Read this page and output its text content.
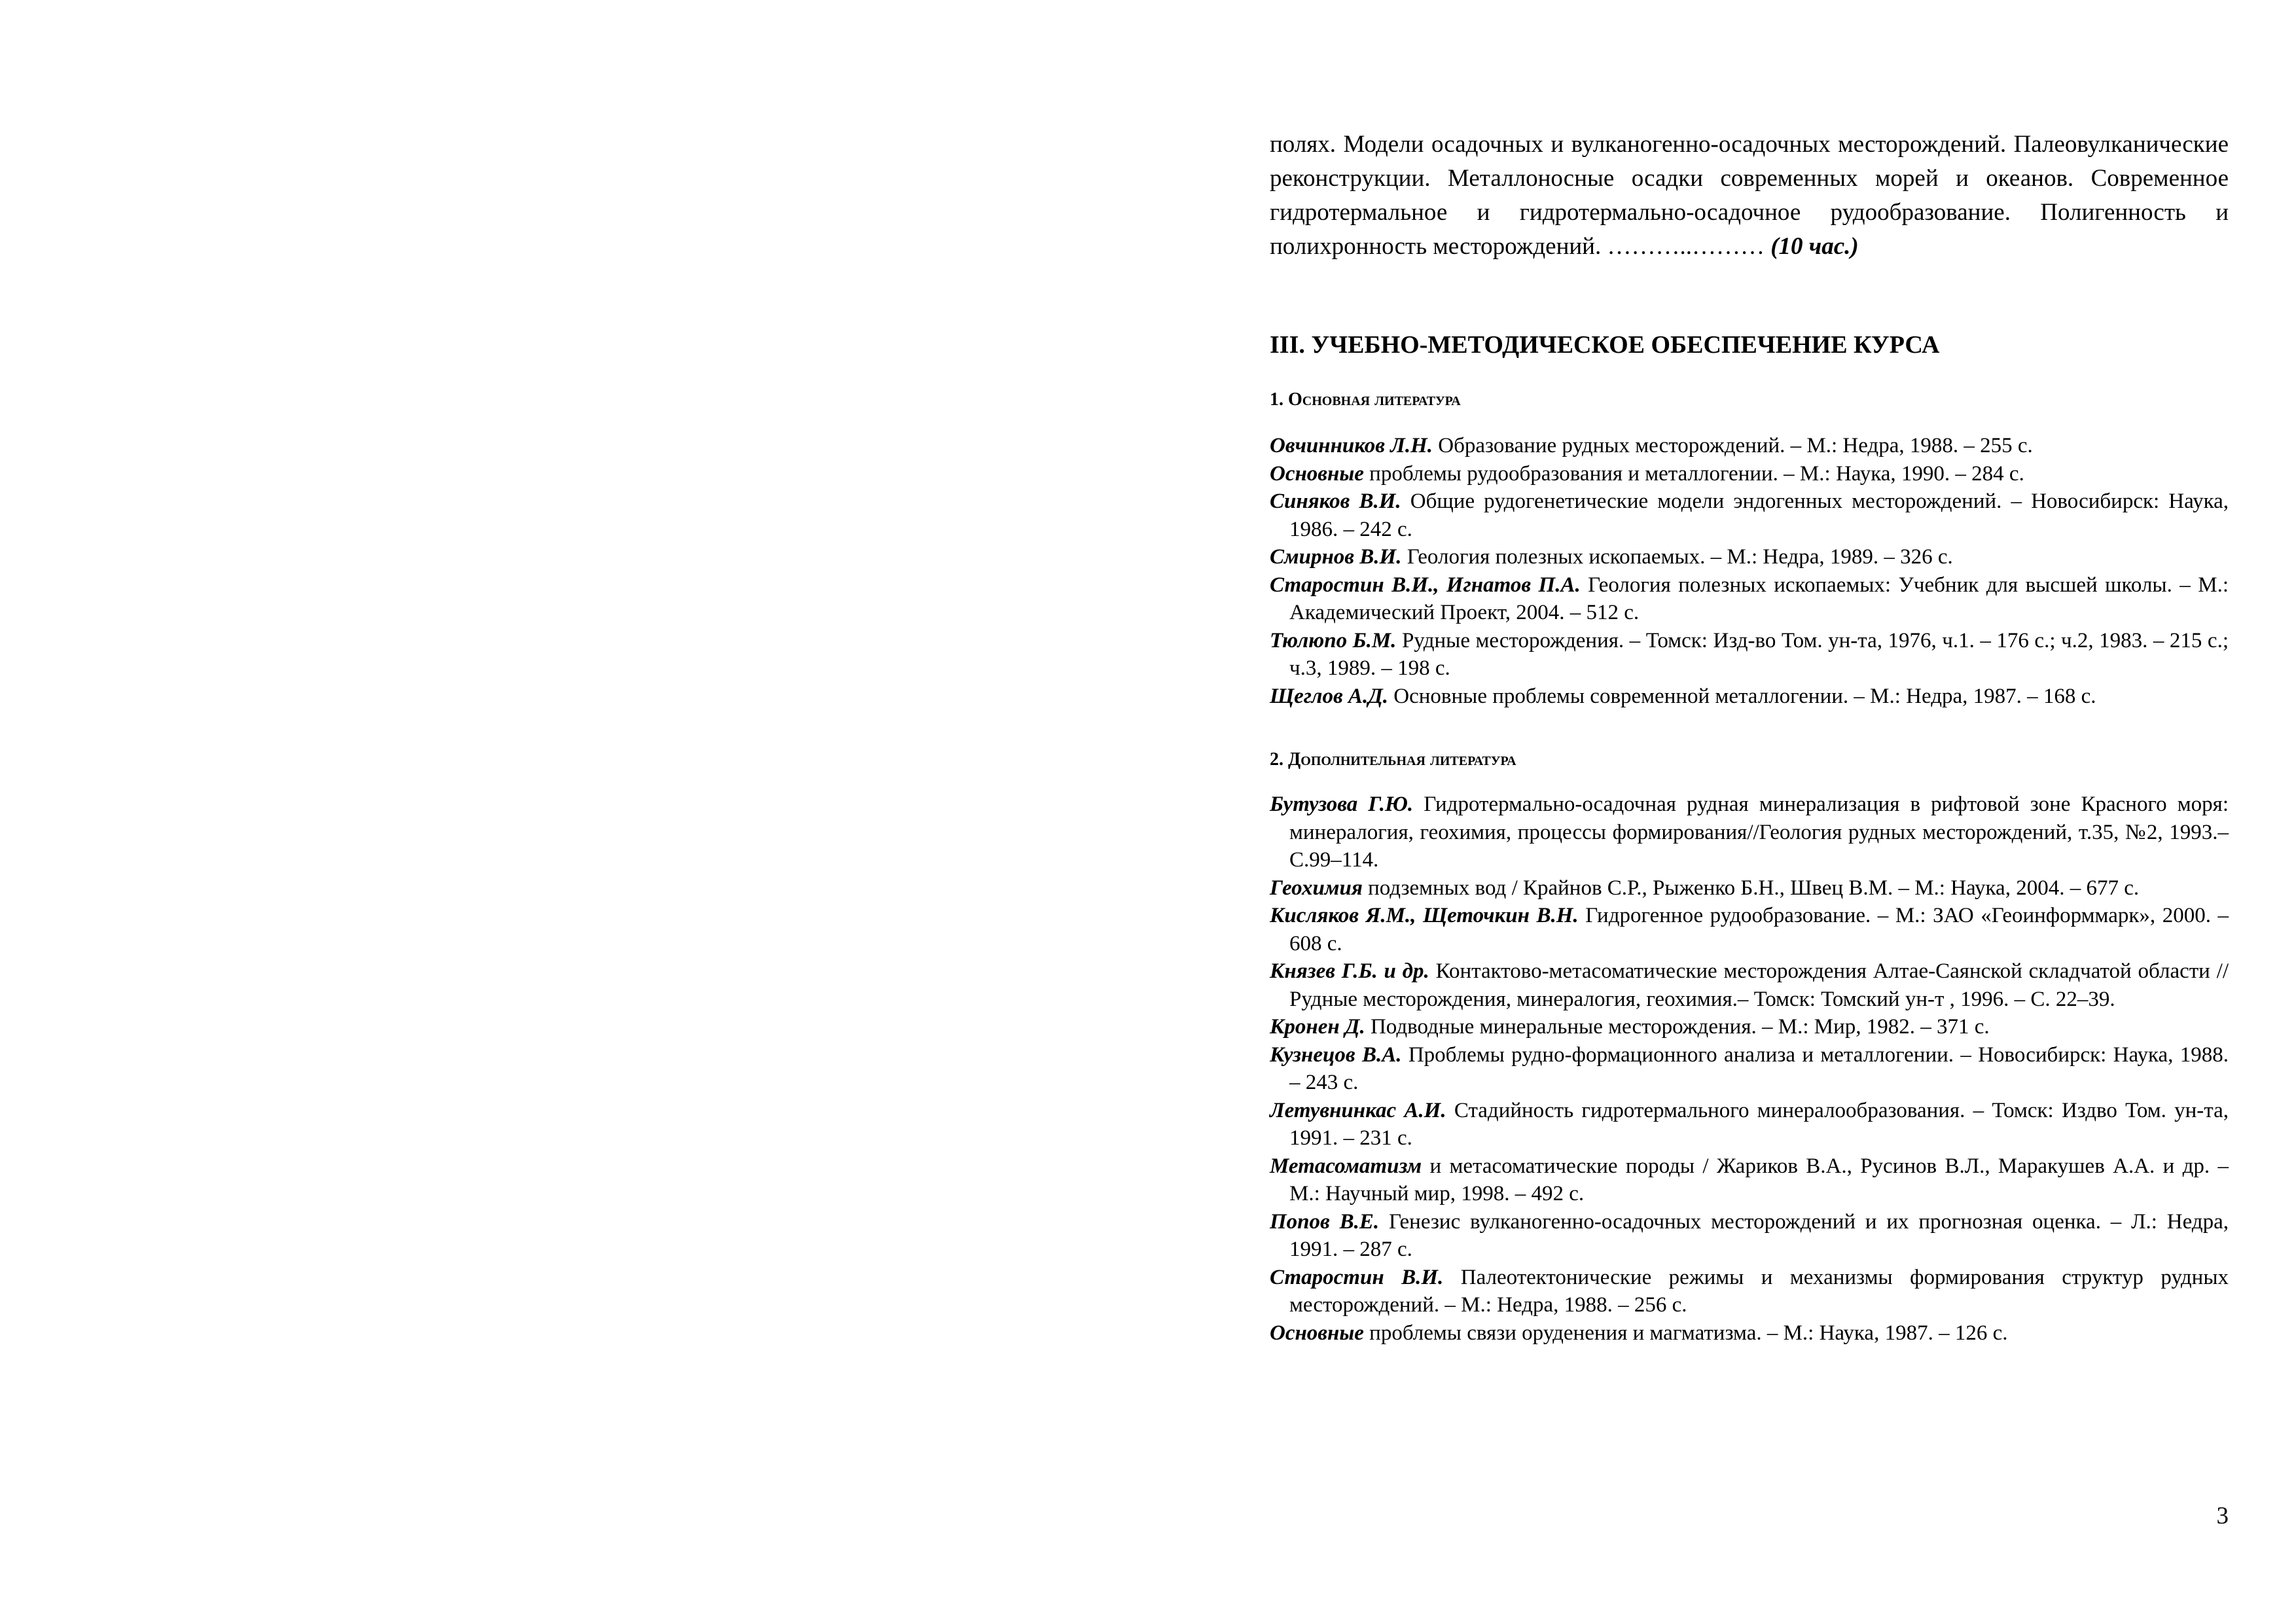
полях. Модели осадочных и вулканогенно-осадочных месторождений. Палеовулканические реконструкции. Металлоносные осадки современных морей и океанов. Современное гидротермальное и гидротермально-осадочное рудообразование. Полигенность и полихронность месторождений. ………..……… (10 час.)

III. УЧЕБНО-МЕТОДИЧЕСКОЕ ОБЕСПЕЧЕНИЕ КУРСА
1. Основная литература
Овчинников Л.Н. Образование рудных месторождений. – М.: Недра, 1988. – 255 с.
Основные проблемы рудообразования и металлогении. – М.: Наука, 1990. – 284 с.
Синяков В.И. Общие рудогенетические модели эндогенных месторождений. – Новосибирск: Наука, 1986. – 242 с.
Смирнов В.И. Геология полезных ископаемых. – М.: Недра, 1989. – 326 с.
Старостин В.И., Игнатов П.А. Геология полезных ископаемых: Учебник для высшей школы. – М.: Академический Проект, 2004. – 512 с.
Тюлюпо Б.М. Рудные месторождения. – Томск: Изд-во Том. ун-та, 1976, ч.1. – 176 с.; ч.2, 1983. – 215 с.; ч.3, 1989. – 198 с.
Щеглов А.Д. Основные проблемы современной металлогении. – М.: Недра, 1987. – 168 с.
2. Дополнительная литература
Бутузова Г.Ю. Гидротермально-осадочная рудная минерализация в рифтовой зоне Красного моря: минералогия, геохимия, процессы формирования//Геология рудных месторождений, т.35, №2, 1993.– С.99–114.
Геохимия подземных вод / Крайнов С.Р., Рыженко Б.Н., Швец В.М. – М.: Наука, 2004. – 677 с.
Кисляков Я.М., Щеточкин В.Н. Гидрогенное рудообразование. – М.: ЗАО «Геоинформмарк», 2000. – 608 с.
Князев Г.Б. и др. Контактово-метасоматические месторождения Алтае-Саянской складчатой области // Рудные месторождения, минералогия, геохимия.– Томск: Томский ун-т , 1996. – С. 22–39.
Кронен Д. Подводные минеральные месторождения. – М.: Мир, 1982. – 371 с.
Кузнецов В.А. Проблемы рудно-формационного анализа и металлогении. – Новосибирск: Наука, 1988. – 243 с.
Летувнинкас А.И. Стадийность гидротермального минералообразования. – Томск: Издво Том. ун-та, 1991. – 231 с.
Метасоматизм и метасоматические породы / Жариков В.А., Русинов В.Л., Маракушев А.А. и др. – М.: Научный мир, 1998. – 492 с.
Попов В.Е. Генезис вулканогенно-осадочных месторождений и их прогнозная оценка. – Л.: Недра, 1991. – 287 с.
Старостин В.И. Палеотектонические режимы и механизмы формирования структур рудных месторождений. – М.: Недра, 1988. – 256 с.
Основные проблемы связи оруденения и магматизма. – М.: Наука, 1987. – 126 с.
3
